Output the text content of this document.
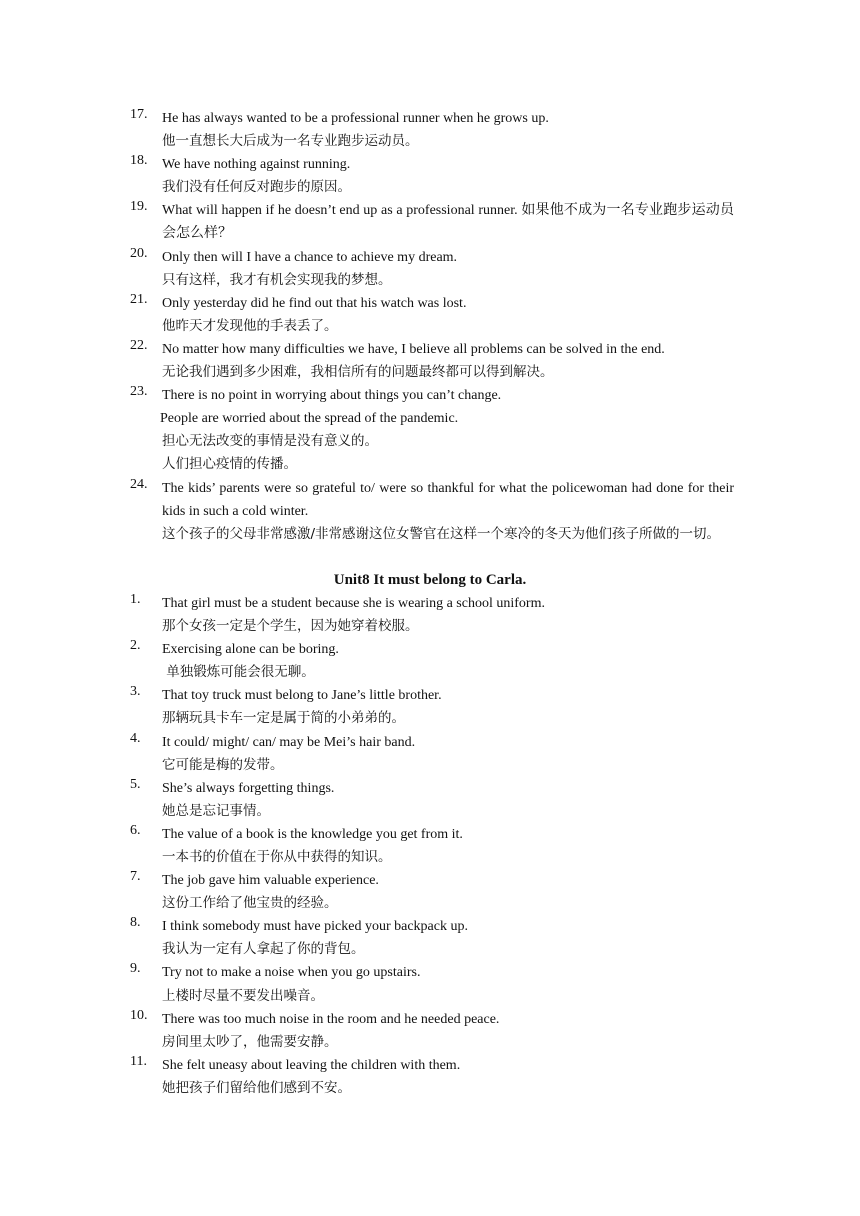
17.	He has always wanted to be a professional runner when he grows up.
他一直想长大后成为一名专业跑步运动员。
18.	We have nothing against running.
我们没有任何反对跑步的原因。
19.	What will happen if he doesn’t end up as a professional runner. 如果他不成为一名专业跑步运动员会怎么样？
20.	Only then will I have a chance to achieve my dream.
只有这样，我才有机会实现我的梦想。
21.	Only yesterday did he find out that his watch was lost.
他昨天才发现他的手表丢了。
22.	No matter how many difficulties we have, I believe all problems can be solved in the end.
无论我们遇到多少困难，我相信所有的问题最终都可以得到解决。
23.	There is no point in worrying about things you can’t change.
People are worried about the spread of the pandemic.
担心无法改变的事情是没有意义的。
人们担心疫情的传播。
24.	The kids’ parents were so grateful to/ were so thankful for what the policewoman had done for their kids in such a cold winter.
这个孩子的父母非常感激/非常感谢这位女警官在这样一个寒冷的冬天为他们孩子所做的一切。
Unit8 It must belong to Carla.
1.	That girl must be a student because she is wearing a school uniform.
那个女孩一定是个学生，因为她穿着校服。
2.	Exercising alone can be boring.
单独锻炼可能会很无聊。
3.	That toy truck must belong to Jane’s little brother.
那辆玩具卡车一定是属于简的小弟弟的。
4.	It could/ might/ can/ may be Mei’s hair band.
它可能是梅的发带。
5.	She’s always forgetting things.
她总是忘记事情。
6.	The value of a book is the knowledge you get from it.
一本书的价值在于你从中获得的知识。
7.	The job gave him valuable experience.
这份工作给了他宝贵的经验。
8.	I think somebody must have picked your backpack up.
我认为一定有人拿起了你的背包。
9.	Try not to make a noise when you go upstairs.
上楼时尽量不要发出噪音。
10.	There was too much noise in the room and he needed peace.
房间里太吵了，他需要安静。
11.	She felt uneasy about leaving the children with them.
她把孩子们留给他们感到不安。
